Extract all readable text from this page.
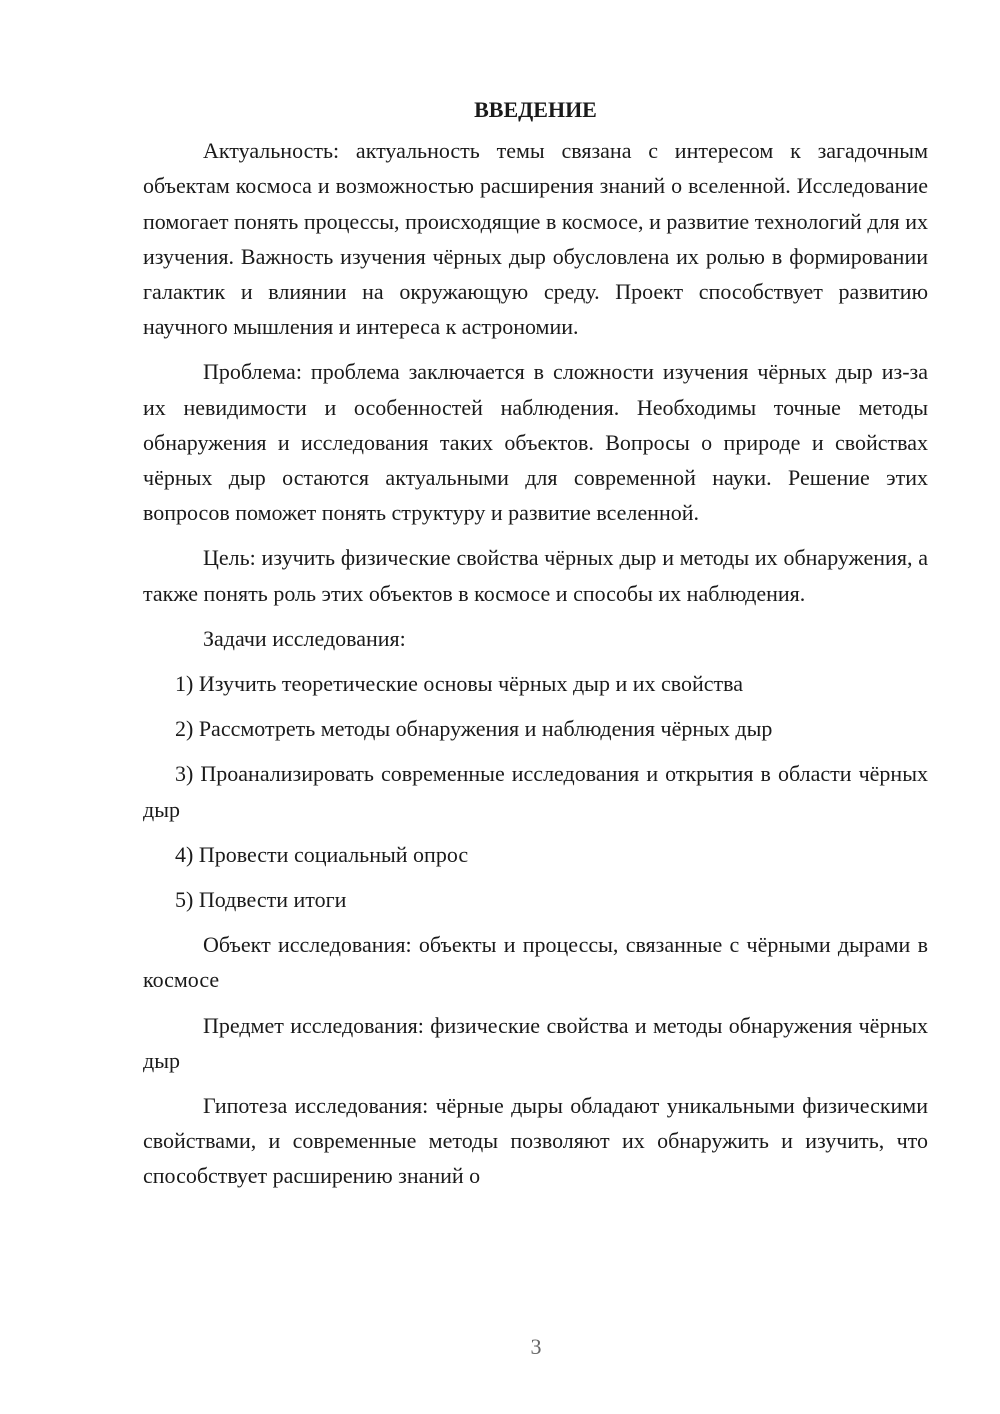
ВВЕДЕНИЕ

Актуальность: актуальность темы связана с интересом к загадочным объектам космоса и возможностью расширения знаний о вселенной. Исследование помогает понять процессы, происходящие в космосе, и развитие технологий для их изучения. Важность изучения чёрных дыр обусловлена их ролью в формировании галактик и влиянии на окружающую среду. Проект способствует развитию научного мышления и интереса к астрономии.

Проблема: проблема заключается в сложности изучения чёрных дыр из-за их невидимости и особенностей наблюдения. Необходимы точные методы обнаружения и исследования таких объектов. Вопросы о природе и свойствах чёрных дыр остаются актуальными для современной науки. Решение этих вопросов поможет понять структуру и развитие вселенной.

Цель: изучить физические свойства чёрных дыр и методы их обнаружения, а также понять роль этих объектов в космосе и способы их наблюдения.

Задачи исследования:

1) Изучить теоретические основы чёрных дыр и их свойства

2) Рассмотреть методы обнаружения и наблюдения чёрных дыр

3) Проанализировать современные исследования и открытия в области чёрных дыр

4) Провести социальный опрос

5) Подвести итоги

Объект исследования: объекты и процессы, связанные с чёрными дырами в космосе

Предмет исследования: физические свойства и методы обнаружения чёрных дыр

Гипотеза исследования: чёрные дыры обладают уникальными физическими свойствами, и современные методы позволяют их обнаружить и изучить, что способствует расширению знаний о

3
